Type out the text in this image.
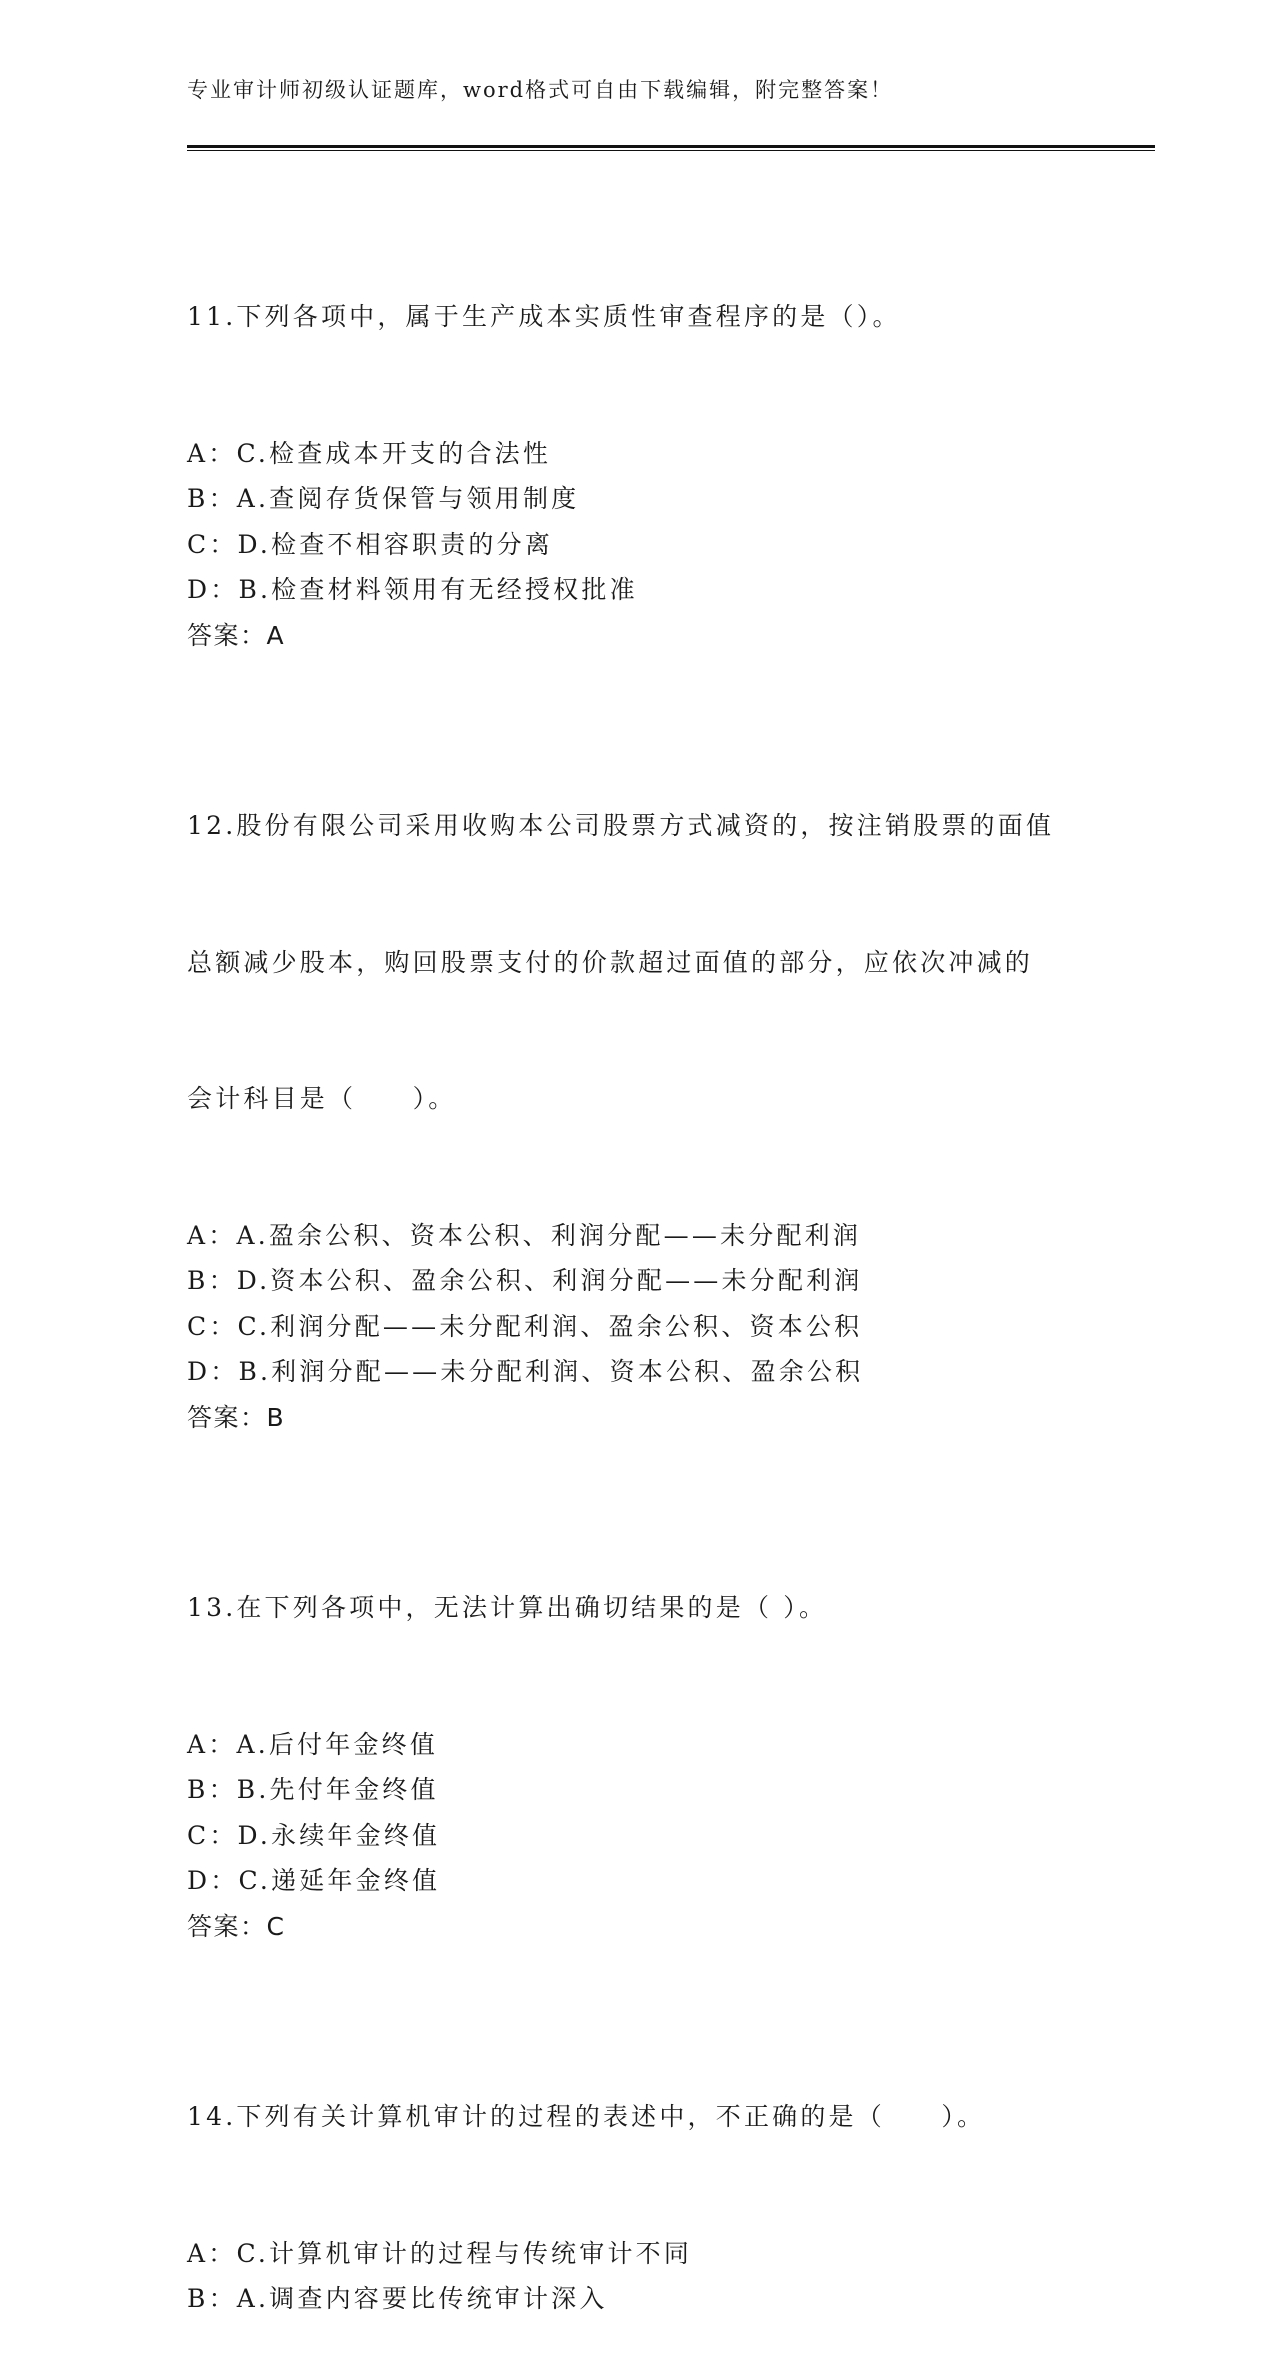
专业审计师初级认证题库，word格式可自由下载编辑，附完整答案！

11.下列各项中，属于生产成本实质性审查程序的是（）。

A：C.检查成本开支的合法性
B：A.查阅存货保管与领用制度
C：D.检查不相容职责的分离
D：B.检查材料领用有无经授权批准
答案：A

12.股份有限公司采用收购本公司股票方式减资的，按注销股票的面值

总额减少股本，购回股票支付的价款超过面值的部分，应依次冲减的

会计科目是（　　）。

A：A.盈余公积、资本公积、利润分配——未分配利润
B：D.资本公积、盈余公积、利润分配——未分配利润
C：C.利润分配——未分配利润、盈余公积、资本公积
D：B.利润分配——未分配利润、资本公积、盈余公积
答案：B

13.在下列各项中，无法计算出确切结果的是（ ）。

A：A.后付年金终值
B：B.先付年金终值
C：D.永续年金终值
D：C.递延年金终值
答案：C

14.下列有关计算机审计的过程的表述中，不正确的是（　　）。

A：C.计算机审计的过程与传统审计不同
B：A.调查内容要比传统审计深入
